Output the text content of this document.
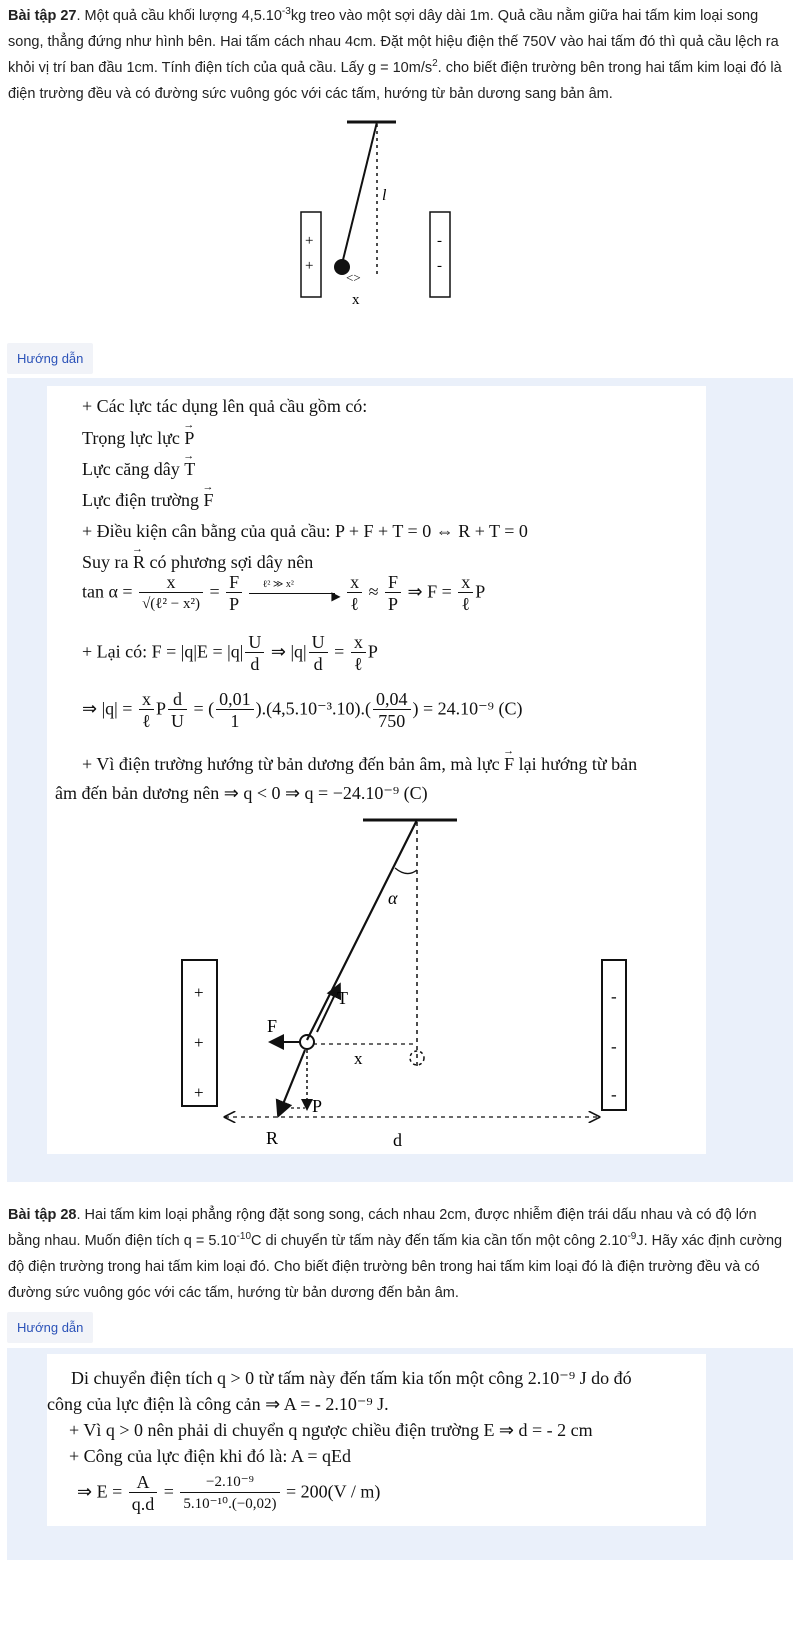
Bài tập 27. Một quả cầu khối lượng $4,5.10^{-3}kg$ treo vào một sợi dây dài 1m. Quả cầu nằm giữa hai tấm kim loại song song, thẳng đứng như hình bên. Hai tấm cách nhau 4cm. Đặt một hiệu điện thế 750V vào hai tấm đó thì quả cầu lệch ra khỏi vị trí ban đầu 1cm. Tính điện tích của quả cầu. Lấy $g = 10m/s^2$. cho biết điện trường bên trong hai tấm kim loại đó là điện trường đều và có đường sức vuông góc với các tấm, hướng từ bản dương sang bản âm.
l
+
+
-
-
<>
x
Hướng dẫn
+ Các lực tác dụng lên quả cầu gồm có:
Trọng lực lực → P
Lực căng dây → T
Lực điện trường → F
+ Điều kiện cân bằng của quả cầu: P + F + T = 0 ⇔ R + T = 0
Suy ra → R có phương sợi dây nên
$\tan \alpha = \frac{x}{\text{√(ℓ² − x²)}} = \frac{F}{P}$
ℓ² ≫ x²
▶
$\frac{x}{\text{ℓ}} \approx \frac{F}{P}$ ⇒ $F = \frac{x}{\text{ℓ}}$ P
+ Lại có: $F = |q|E = |q| \frac{U}{d}$ ⇒ $|q| \frac{U}{d} = \frac{x}{\text{ℓ}}$ P
⇒ $|q| = \frac{x}{\text{ℓ}}$ P $\frac{d}{U}$ = ( $\frac{0,01}{1} ).(4,5.10^{-3}.10).( \frac{0,04}{750}$ ) = 24.10⁻⁹ (C)
+ Vì điện trường hướng từ bản dương đến bản âm, mà lực → F lại hướng từ bản
âm đến bản dương nên ⇒ q < 0 ⇒ q = −24.10⁻⁹ (C)
α
T
F
P
R
x
+
+
+
-
-
-
d
Bài tập 28. Hai tấm kim loại phẳng rộng đặt song song, cách nhau 2cm, được nhiễm điện trái dấu nhau và có độ lớn bằng nhau. Muốn điện tích $q = 5.10^{-10}C$ di chuyển từ tấm này đến tấm kia cần tốn một công $2.10^{-9}J$. Hãy xác định cường độ điện trường trong hai tấm kim loại đó. Cho biết điện trường bên trong hai tấm kim loại đó là điện trường đều và có đường sức vuông góc với các tấm, hướng từ bản dương đến bản âm.
Hướng dẫn
Di chuyển điện tích q > 0 từ tấm này đến tấm kia tốn một công 2.10⁻⁹ J do đó
công của lực điện là công cản ⇒ A = - 2.10⁻⁹ J.
+ Vì q > 0 nên phải di chuyển q ngược chiều điện trường E ⇒ d = - 2 cm
+ Công của lực điện khi đó là: A = qEd
⇒ $E = \frac{A}{q.d} = \frac{\text{−2.10⁻⁹}}{\text{5.10⁻¹⁰.(−0,02)}} = 200(V / m)$
